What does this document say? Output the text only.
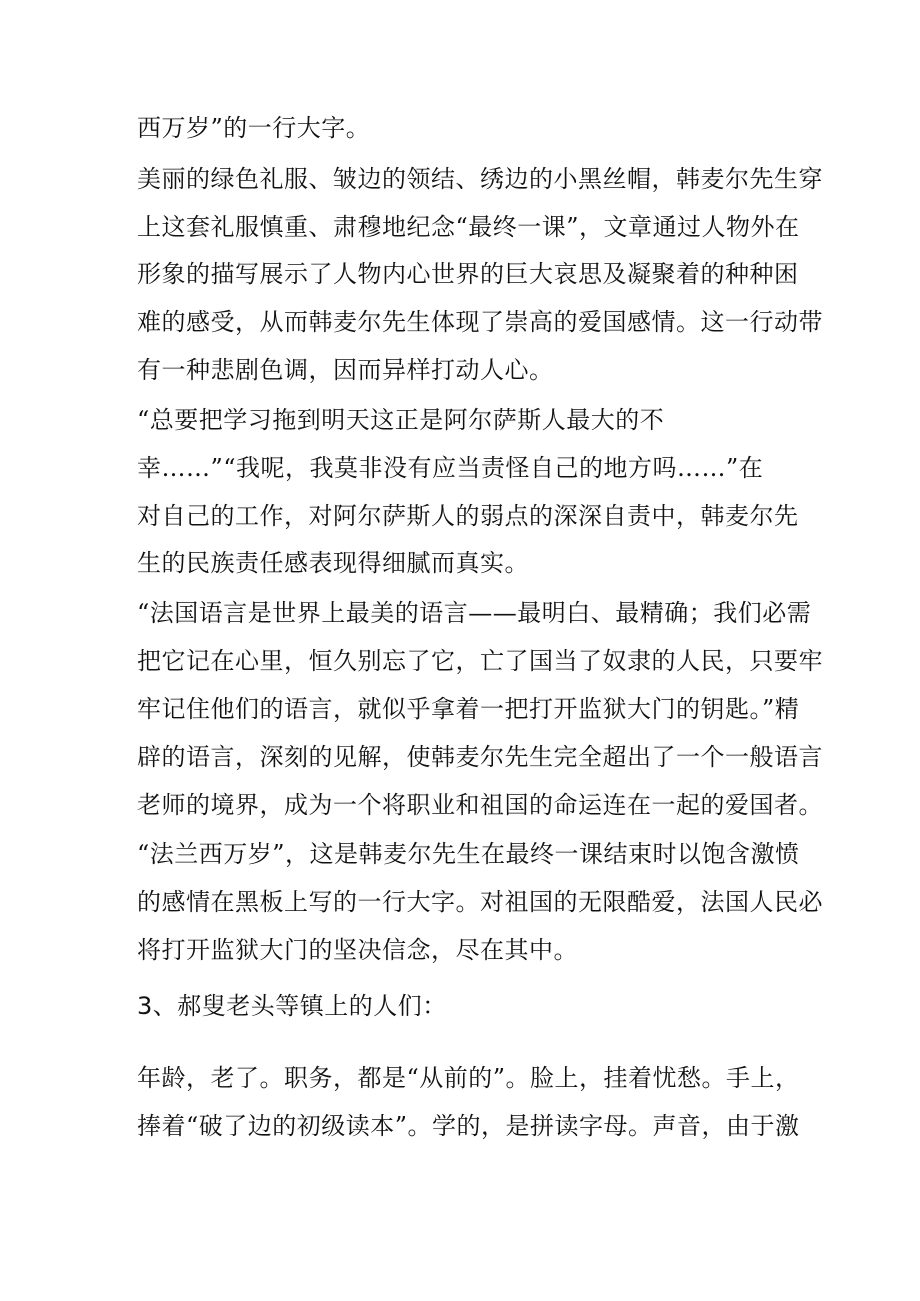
西万岁”的一行大字。
美丽的绿色礼服、皱边的领结、绣边的小黑丝帽，韩麦尔先生穿
上这套礼服慎重、肃穆地纪念“最终一课”，文章通过人物外在
形象的描写展示了人物内心世界的巨大哀思及凝聚着的种种困
难的感受，从而韩麦尔先生体现了崇高的爱国感情。这一行动带
有一种悲剧色调，因而异样打动人心。
“总要把学习拖到明天这正是阿尔萨斯人最大的不
幸……”“我呢，我莫非没有应当责怪自己的地方吗……”在
对自己的工作，对阿尔萨斯人的弱点的深深自责中，韩麦尔先
生的民族责任感表现得细腻而真实。
“法国语言是世界上最美的语言——最明白、最精确；我们必需
把它记在心里，恒久别忘了它，亡了国当了奴隶的人民，只要牢
牢记住他们的语言，就似乎拿着一把打开监狱大门的钥匙。”精
辟的语言，深刻的见解，使韩麦尔先生完全超出了一个一般语言
老师的境界，成为一个将职业和祖国的命运连在一起的爱国者。
“法兰西万岁”，这是韩麦尔先生在最终一课结束时以饱含激愤
的感情在黑板上写的一行大字。对祖国的无限酷爱，法国人民必
将打开监狱大门的坚决信念，尽在其中。
3、郝叟老头等镇上的人们：
年龄，老了。职务，都是“从前的”。脸上，挂着忧愁。手上，
捧着“破了边的初级读本”。学的，是拼读字母。声音，由于激
